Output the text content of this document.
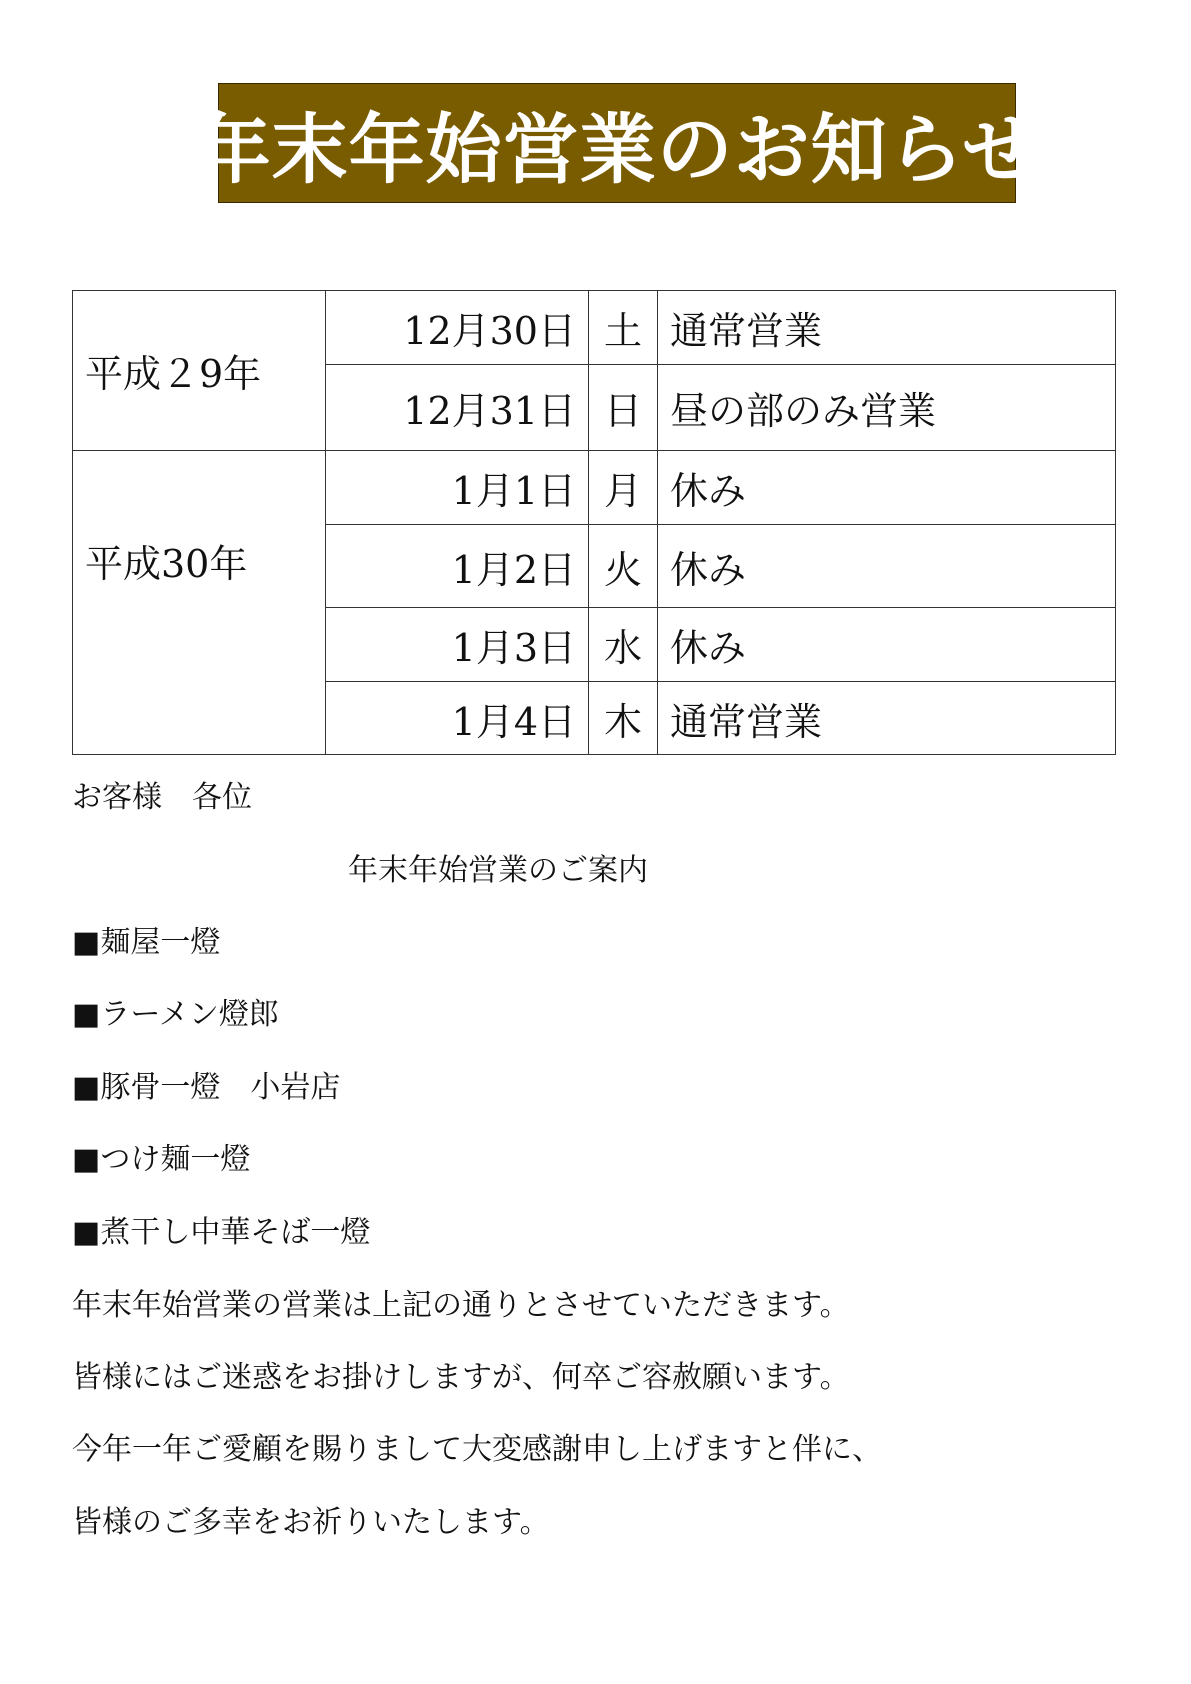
年末年始営業のお知らせ
平成２9年	12月30日	土	通常営業
	12月31日	日	昼の部のみ営業
平成30年	1月1日	月	休み
	1月2日	火	休み
	1月3日	水	休み
	1月4日	木	通常営業
お客様　各位
年末年始営業のご案内
■麺屋一燈
■ラーメン燈郎
■豚骨一燈　小岩店
■つけ麺一燈
■煮干し中華そば一燈
年末年始営業の営業は上記の通りとさせていただきます。
皆様にはご迷惑をお掛けしますが、何卒ご容赦願います。
今年一年ご愛顧を賜りまして大変感謝申し上げますと伴に、
皆様のご多幸をお祈りいたします。
